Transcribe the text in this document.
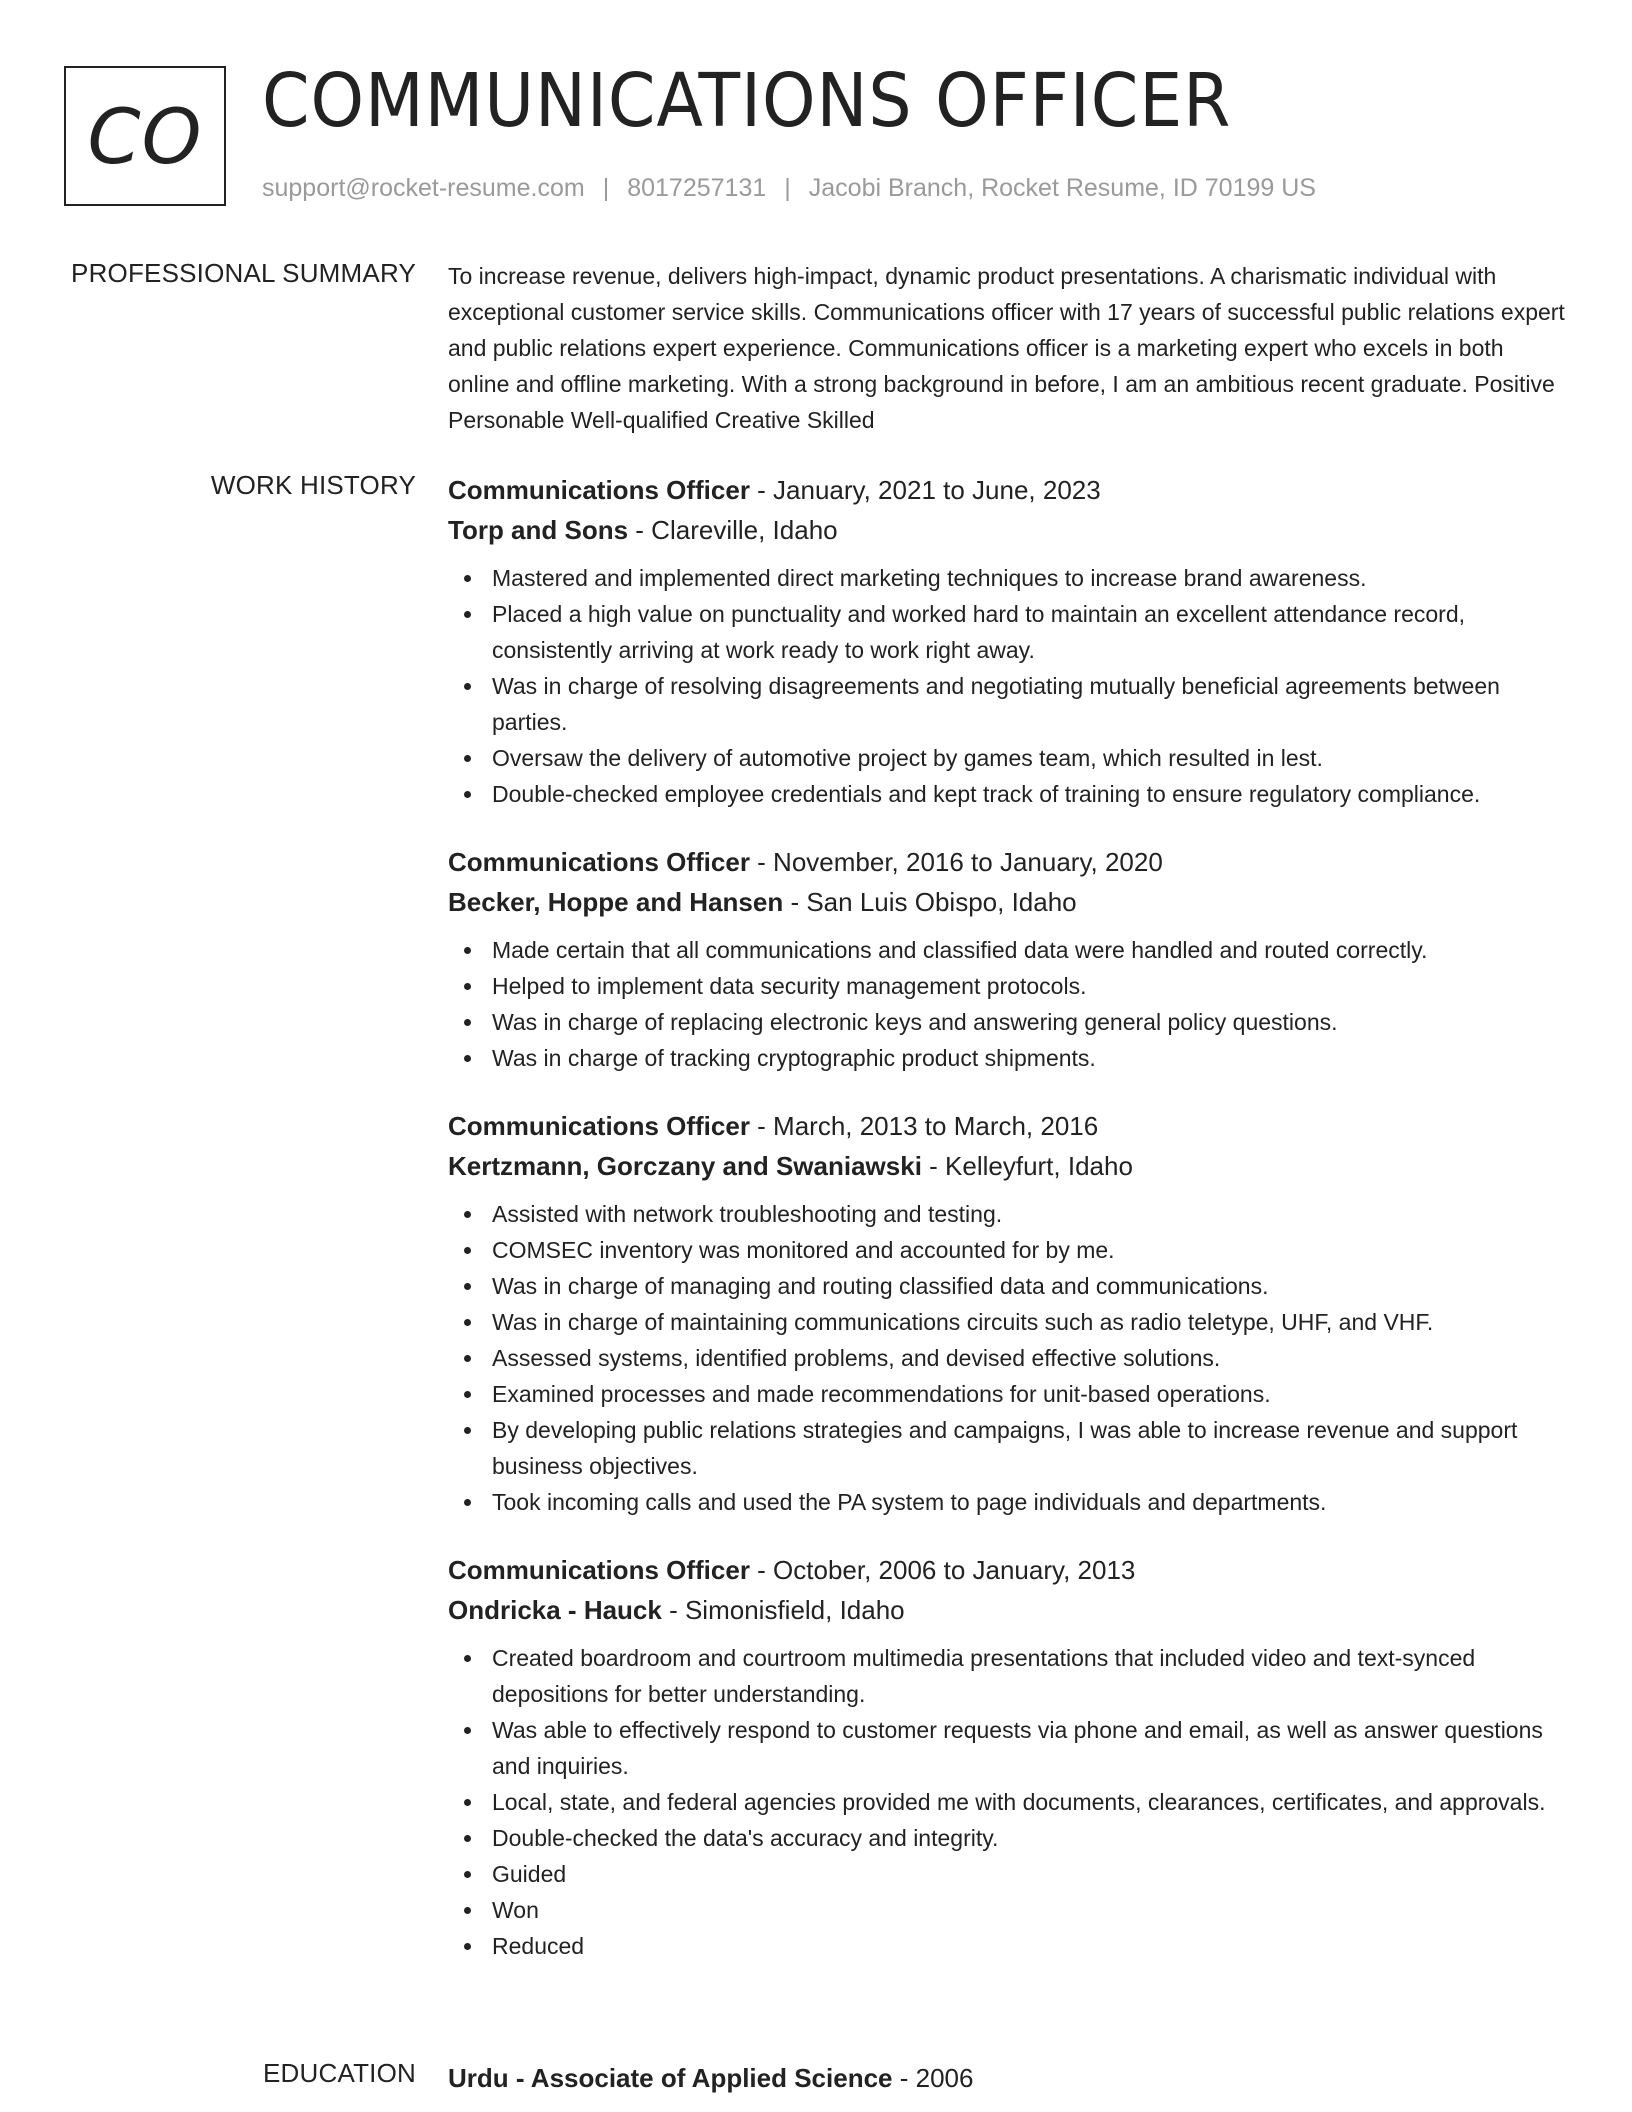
CO COMMUNICATIONS OFFICER
support@rocket-resume.com | 8017257131 | Jacobi Branch, Rocket Resume, ID 70199 US
PROFESSIONAL SUMMARY To increase revenue, delivers high-impact, dynamic product presentations. A charismatic individual with exceptional customer service skills. Communications officer with 17 years of successful public relations expert and public relations expert experience. Communications officer is a marketing expert who excels in both online and offline marketing. With a strong background in before, I am an ambitious recent graduate. Positive Personable Well-qualified Creative Skilled

WORK HISTORY Communications Officer - January, 2021 to June, 2023
Torp and Sons - Clareville, Idaho
Mastered and implemented direct marketing techniques to increase brand awareness.
Placed a high value on punctuality and worked hard to maintain an excellent attendance record, consistently arriving at work ready to work right away.
Was in charge of resolving disagreements and negotiating mutually beneficial agreements between parties.
Oversaw the delivery of automotive project by games team, which resulted in lest.
Double-checked employee credentials and kept track of training to ensure regulatory compliance.
Communications Officer - November, 2016 to January, 2020
Becker, Hoppe and Hansen - San Luis Obispo, Idaho
Made certain that all communications and classified data were handled and routed correctly.
Helped to implement data security management protocols.
Was in charge of replacing electronic keys and answering general policy questions.
Was in charge of tracking cryptographic product shipments.
Communications Officer - March, 2013 to March, 2016
Kertzmann, Gorczany and Swaniawski - Kelleyfurt, Idaho
Assisted with network troubleshooting and testing.
COMSEC inventory was monitored and accounted for by me.
Was in charge of managing and routing classified data and communications.
Was in charge of maintaining communications circuits such as radio teletype, UHF, and VHF.
Assessed systems, identified problems, and devised effective solutions.
Examined processes and made recommendations for unit-based operations.
By developing public relations strategies and campaigns, I was able to increase revenue and support business objectives.
Took incoming calls and used the PA system to page individuals and departments.
Communications Officer - October, 2006 to January, 2013
Ondricka - Hauck - Simonisfield, Idaho
Created boardroom and courtroom multimedia presentations that included video and text-synced depositions for better understanding.
Was able to effectively respond to customer requests via phone and email, as well as answer questions and inquiries.
Local, state, and federal agencies provided me with documents, clearances, certificates, and approvals.
Double-checked the data's accuracy and integrity.
Guided
Won
Reduced
EDUCATION Urdu - Associate of Applied Science - 2006
